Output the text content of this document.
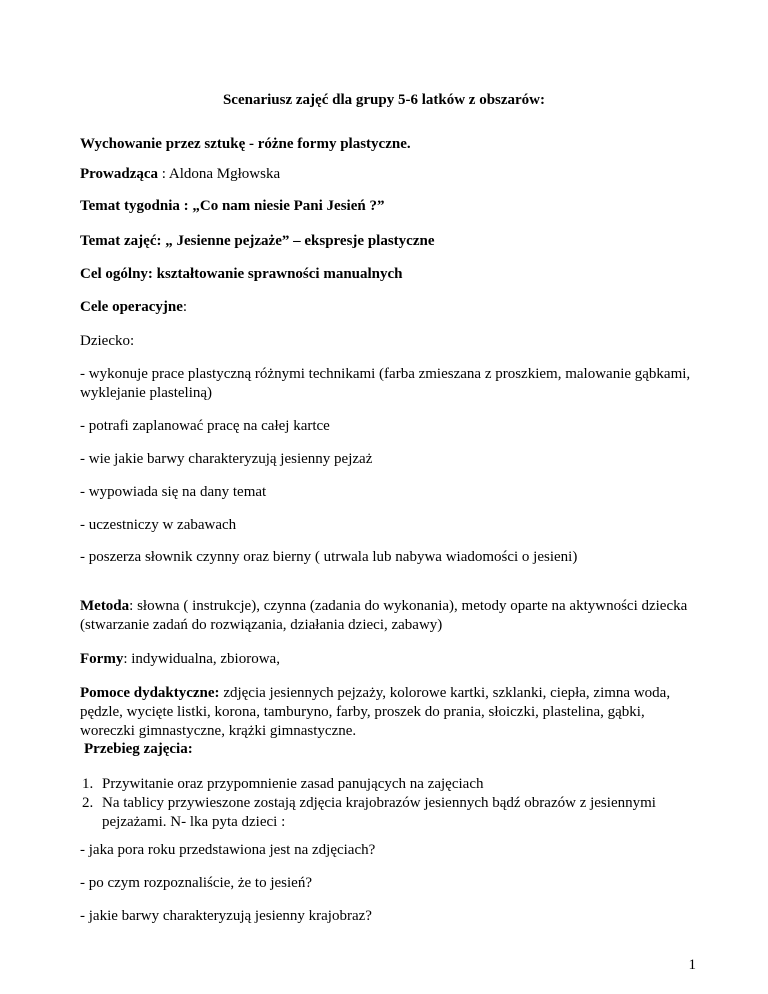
Scenariusz zajęć dla grupy 5-6 latków z obszarów:
Wychowanie przez sztukę - różne formy plastyczne.
Prowadząca : Aldona Mgłowska
Temat tygodnia : „Co nam niesie Pani Jesień ?”
Temat zajęć: „ Jesienne pejzaże” – ekspresje plastyczne
Cel ogólny: kształtowanie sprawności manualnych
Cele operacyjne:
Dziecko:
- wykonuje prace plastyczną różnymi technikami (farba zmieszana z proszkiem, malowanie gąbkami, wyklejanie plasteliną)
- potrafi zaplanować pracę na całej kartce
- wie jakie barwy charakteryzują jesienny pejzaż
- wypowiada się na dany temat
- uczestniczy w zabawach
- poszerza słownik czynny oraz bierny ( utrwala lub nabywa wiadomości o jesieni)
Metoda: słowna ( instrukcje), czynna (zadania do wykonania), metody oparte na aktywności dziecka (stwarzanie zadań do rozwiązania, działania dzieci, zabawy)
Formy: indywidualna, zbiorowa,
Pomoce dydaktyczne: zdjęcia jesiennych pejzaży, kolorowe kartki, szklanki, ciepła, zimna woda, pędzle, wycięte listki, korona, tamburyno, farby, proszek do prania, słoiczki, plastelina, gąbki, woreczki gimnastyczne, krążki gimnastyczne.
Przebieg zajęcia:
1. Przywitanie oraz przypomnienie zasad panujących na zajęciach
2. Na tablicy przywieszone zostają zdjęcia krajobrazów jesiennych bądź obrazów z jesiennymi pejzażami. N- lka pyta dzieci :
- jaka pora roku przedstawiona jest na zdjęciach?
- po czym rozpoznaliście, że to jesień?
- jakie barwy charakteryzują jesienny krajobraz?
1
